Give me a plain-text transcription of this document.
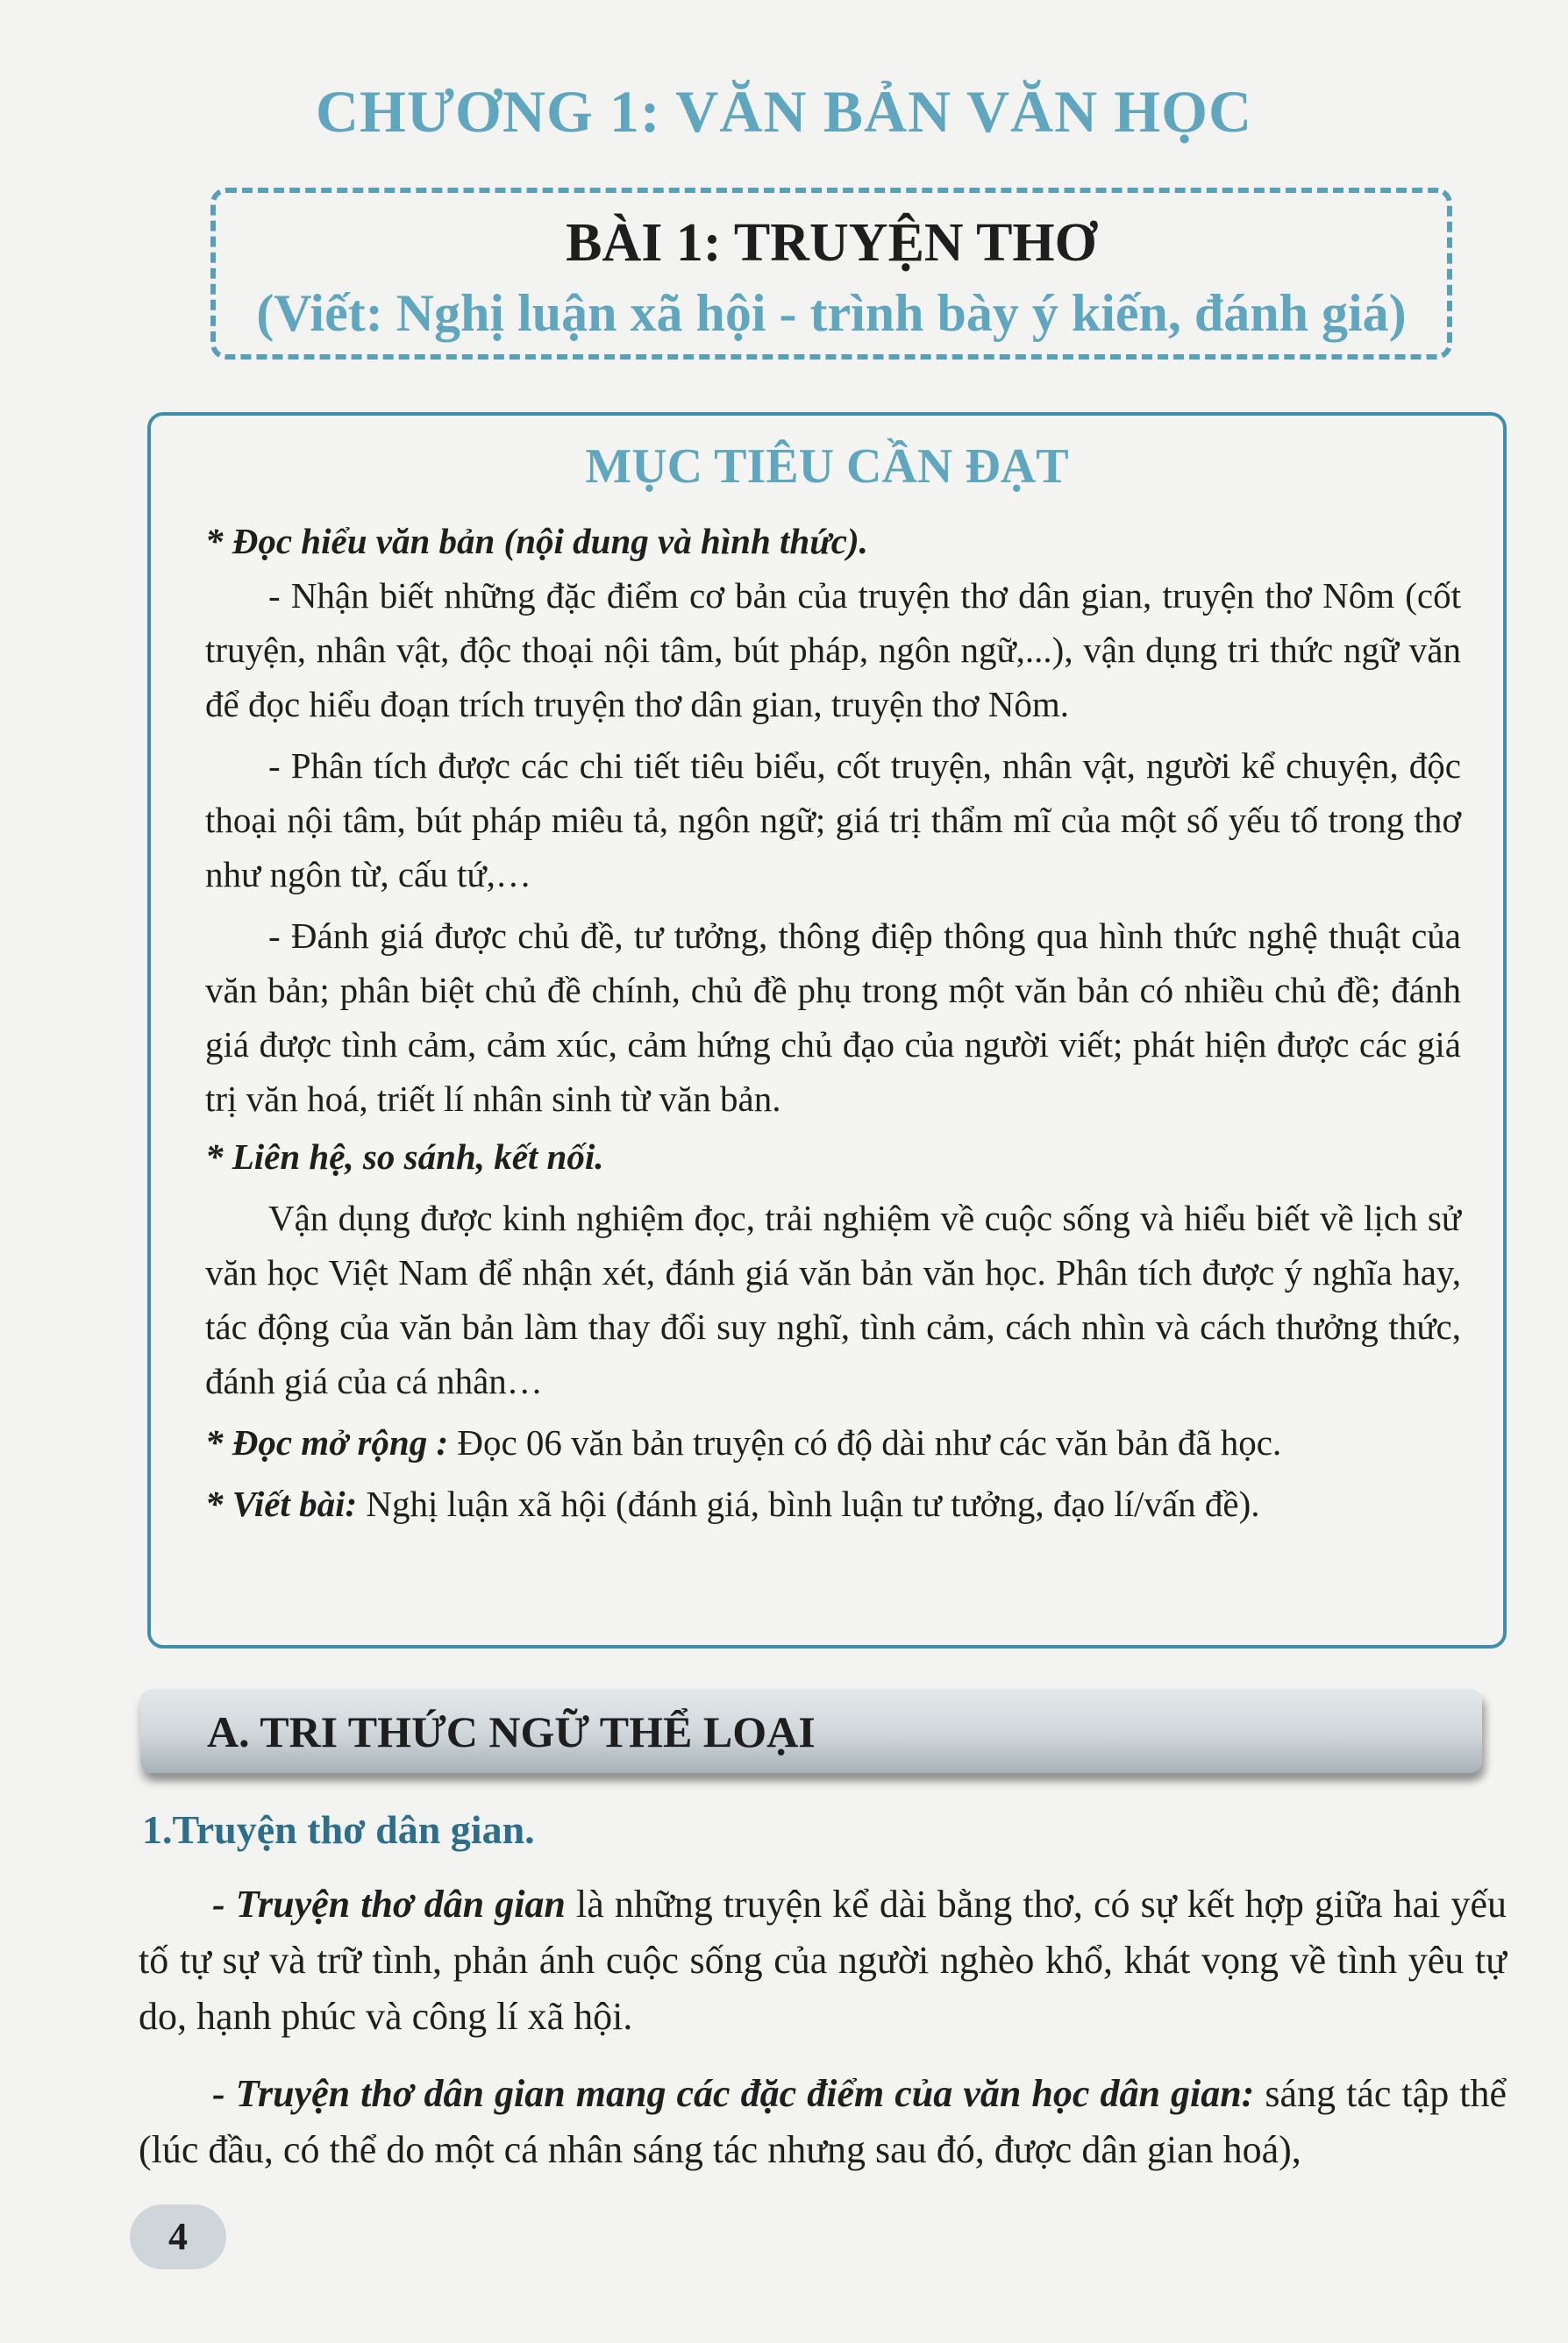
CHƯƠNG 1: VĂN BẢN VĂN HỌC
BÀI 1: TRUYỆN THƠ
(Viết: Nghị luận xã hội - trình bày ý kiến, đánh giá)
MỤC TIÊU CẦN ĐẠT

* Đọc hiểu văn bản (nội dung và hình thức).

- Nhận biết những đặc điểm cơ bản của truyện thơ dân gian, truyện thơ Nôm (cốt truyện, nhân vật, độc thoại nội tâm, bút pháp, ngôn ngữ,...), vận dụng tri thức ngữ văn để đọc hiểu đoạn trích truyện thơ dân gian, truyện thơ Nôm.

- Phân tích được các chi tiết tiêu biểu, cốt truyện, nhân vật, người kể chuyện, độc thoại nội tâm, bút pháp miêu tả, ngôn ngữ; giá trị thẩm mĩ của một số yếu tố trong thơ như ngôn từ, cấu tứ,…

- Đánh giá được chủ đề, tư tưởng, thông điệp thông qua hình thức nghệ thuật của văn bản; phân biệt chủ đề chính, chủ đề phụ trong một văn bản có nhiều chủ đề; đánh giá được tình cảm, cảm xúc, cảm hứng chủ đạo của người viết; phát hiện được các giá trị văn hoá, triết lí nhân sinh từ văn bản.

* Liên hệ, so sánh, kết nối.

Vận dụng được kinh nghiệm đọc, trải nghiệm về cuộc sống và hiểu biết về lịch sử văn học Việt Nam để nhận xét, đánh giá văn bản văn học. Phân tích được ý nghĩa hay, tác động của văn bản làm thay đổi suy nghĩ, tình cảm, cách nhìn và cách thưởng thức, đánh giá của cá nhân…

* Đọc mở rộng : Đọc 06 văn bản truyện có độ dài như các văn bản đã học.

* Viết bài: Nghị luận xã hội (đánh giá, bình luận tư tưởng, đạo lí/vấn đề).

A. TRI THỨC NGỮ THỂ LOẠI
1.Truyện thơ dân gian.

- Truyện thơ dân gian là những truyện kể dài bằng thơ, có sự kết hợp giữa hai yếu tố tự sự và trữ tình, phản ánh cuộc sống của người nghèo khổ, khát vọng về tình yêu tự do, hạnh phúc và công lí xã hội.

- Truyện thơ dân gian mang các đặc điểm của văn học dân gian: sáng tác tập thể (lúc đầu, có thể do một cá nhân sáng tác nhưng sau đó, được dân gian hoá),

4
